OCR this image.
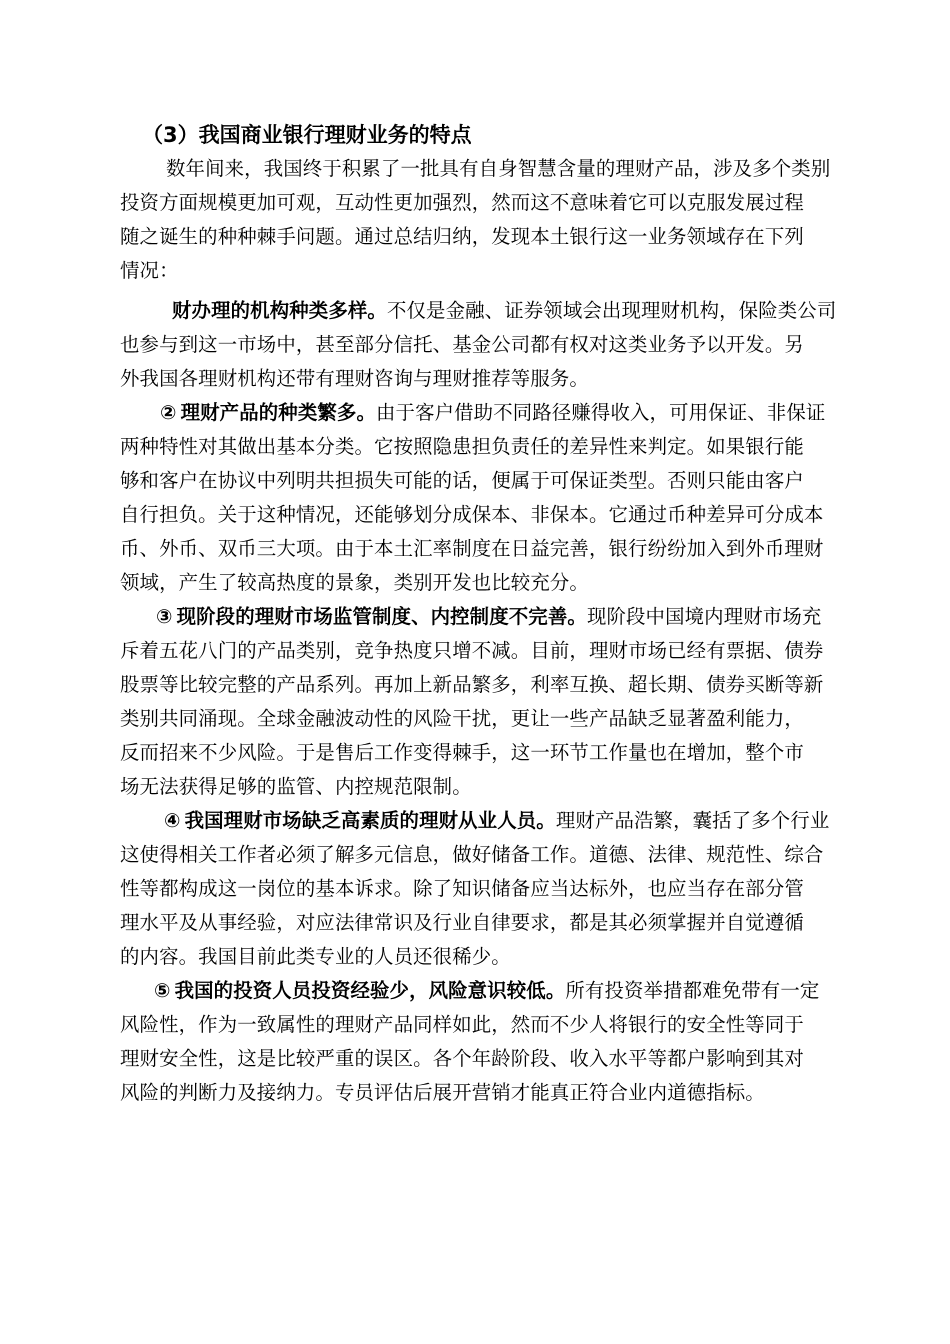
（3）我国商业银行理财业务的特点
数年间来，我国终于积累了一批具有自身智慧含量的理财产品，涉及多个类别
投资方面规模更加可观，互动性更加强烈，然而这不意味着它可以克服发展过程
随之诞生的种种棘手问题。通过总结归纳，发现本土银行这一业务领域存在下列
情况：
财办理的机构种类多样。不仅是金融、证券领域会出现理财机构，保险类公司
也参与到这一市场中，甚至部分信托、基金公司都有权对这类业务予以开发。另
外我国各理财机构还带有理财咨询与理财推荐等服务。
② 理财产品的种类繁多。由于客户借助不同路径赚得收入，可用保证、非保证
两种特性对其做出基本分类。它按照隐患担负责任的差异性来判定。如果银行能
够和客户在协议中列明共担损失可能的话，便属于可保证类型。否则只能由客户
自行担负。关于这种情况，还能够划分成保本、非保本。它通过币种差异可分成本
币、外币、双币三大项。由于本土汇率制度在日益完善，银行纷纷加入到外币理财
领域，产生了较高热度的景象，类别开发也比较充分。
③ 现阶段的理财市场监管制度、内控制度不完善。现阶段中国境内理财市场充
斥着五花八门的产品类别，竞争热度只增不减。目前，理财市场已经有票据、债券
股票等比较完整的产品系列。再加上新品繁多，利率互换、超长期、债券买断等新
类别共同涌现。全球金融波动性的风险干扰，更让一些产品缺乏显著盈利能力，
反而招来不少风险。于是售后工作变得棘手，这一环节工作量也在增加，整个市
场无法获得足够的监管、内控规范限制。
④ 我国理财市场缺乏高素质的理财从业人员。理财产品浩繁，囊括了多个行业
这使得相关工作者必须了解多元信息，做好储备工作。道德、法律、规范性、综合
性等都构成这一岗位的基本诉求。除了知识储备应当达标外，也应当存在部分管
理水平及从事经验，对应法律常识及行业自律要求，都是其必须掌握并自觉遵循
的内容。我国目前此类专业的人员还很稀少。
⑤ 我国的投资人员投资经验少，风险意识较低。所有投资举措都难免带有一定
风险性，作为一致属性的理财产品同样如此，然而不少人将银行的安全性等同于
理财安全性，这是比较严重的误区。各个年龄阶段、收入水平等都户影响到其对
风险的判断力及接纳力。专员评估后展开营销才能真正符合业内道德指标。
